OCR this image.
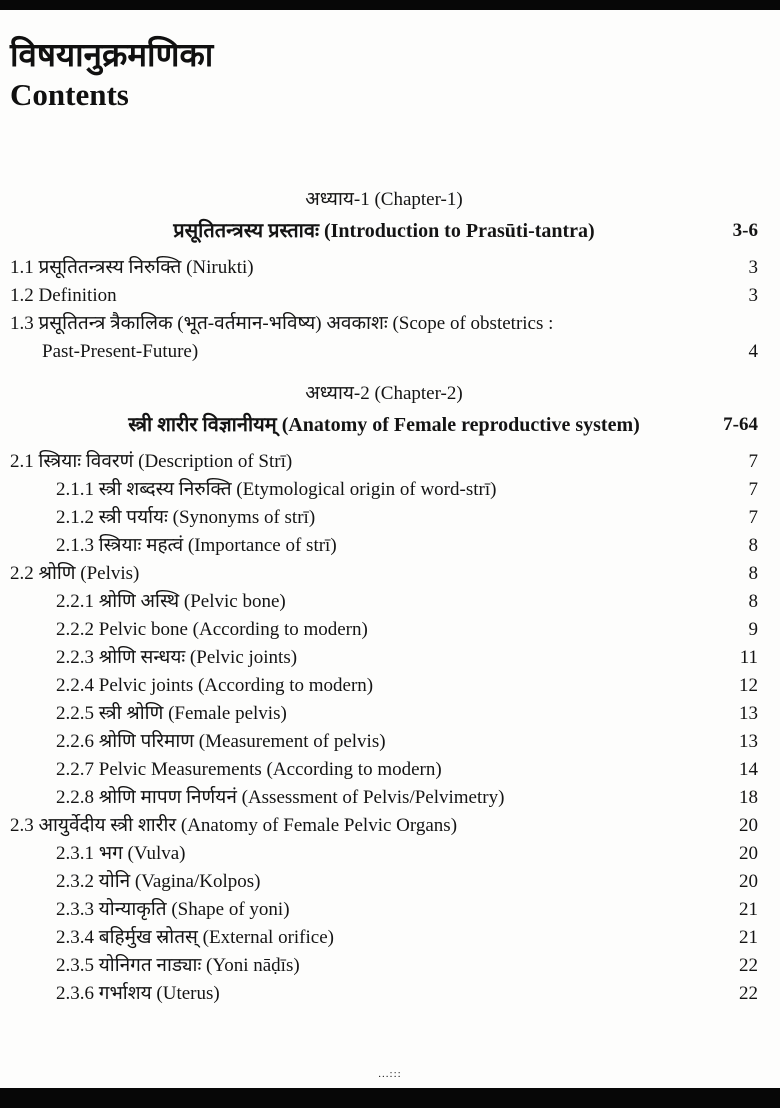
विषयानुक्रमणिका
Contents
अध्याय-1 (Chapter-1)
प्रसूतितन्त्रस्य प्रस्तावः (Introduction to Prasūti-tantra)	3-6
1.1 प्रसूतितन्त्रस्य निरुक्ति (Nirukti)	3
1.2 Definition	3
1.3 प्रसूतितन्त्र त्रैकालिक (भूत-वर्तमान-भविष्य) अवकाशः (Scope of obstetrics :
Past-Present-Future)	4
अध्याय-2 (Chapter-2)
स्त्री शारीर विज्ञानीयम् (Anatomy of Female reproductive system)	7-64
2.1 स्त्रियाः विवरणं (Description of Strī)	7
2.1.1 स्त्री शब्दस्य निरुक्ति (Etymological origin of word-strī)	7
2.1.2 स्त्री पर्यायः (Synonyms of strī)	7
2.1.3 स्त्रियाः महत्वं (Importance of strī)	8
2.2 श्रोणि (Pelvis)	8
2.2.1 श्रोणि अस्थि (Pelvic bone)	8
2.2.2 Pelvic bone (According to modern)	9
2.2.3 श्रोणि सन्धयः (Pelvic joints)	11
2.2.4 Pelvic joints (According to modern)	12
2.2.5 स्त्री श्रोणि (Female pelvis)	13
2.2.6 श्रोणि परिमाण (Measurement of pelvis)	13
2.2.7 Pelvic Measurements (According to modern)	14
2.2.8 श्रोणि मापण निर्णयनं (Assessment of Pelvis/Pelvimetry)	18
2.3 आयुर्वेदीय स्त्री शारीर (Anatomy of Female Pelvic Organs)	20
2.3.1 भग (Vulva)	20
2.3.2 योनि (Vagina/Kolpos)	20
2.3.3 योन्याकृति (Shape of yoni)	21
2.3.4 बहिर्मुख स्रोतस् (External orifice)	21
2.3.5 योनिगत नाड्याः (Yoni nāḍīs)	22
2.3.6 गर्भाशय (Uterus)	22
...:::
